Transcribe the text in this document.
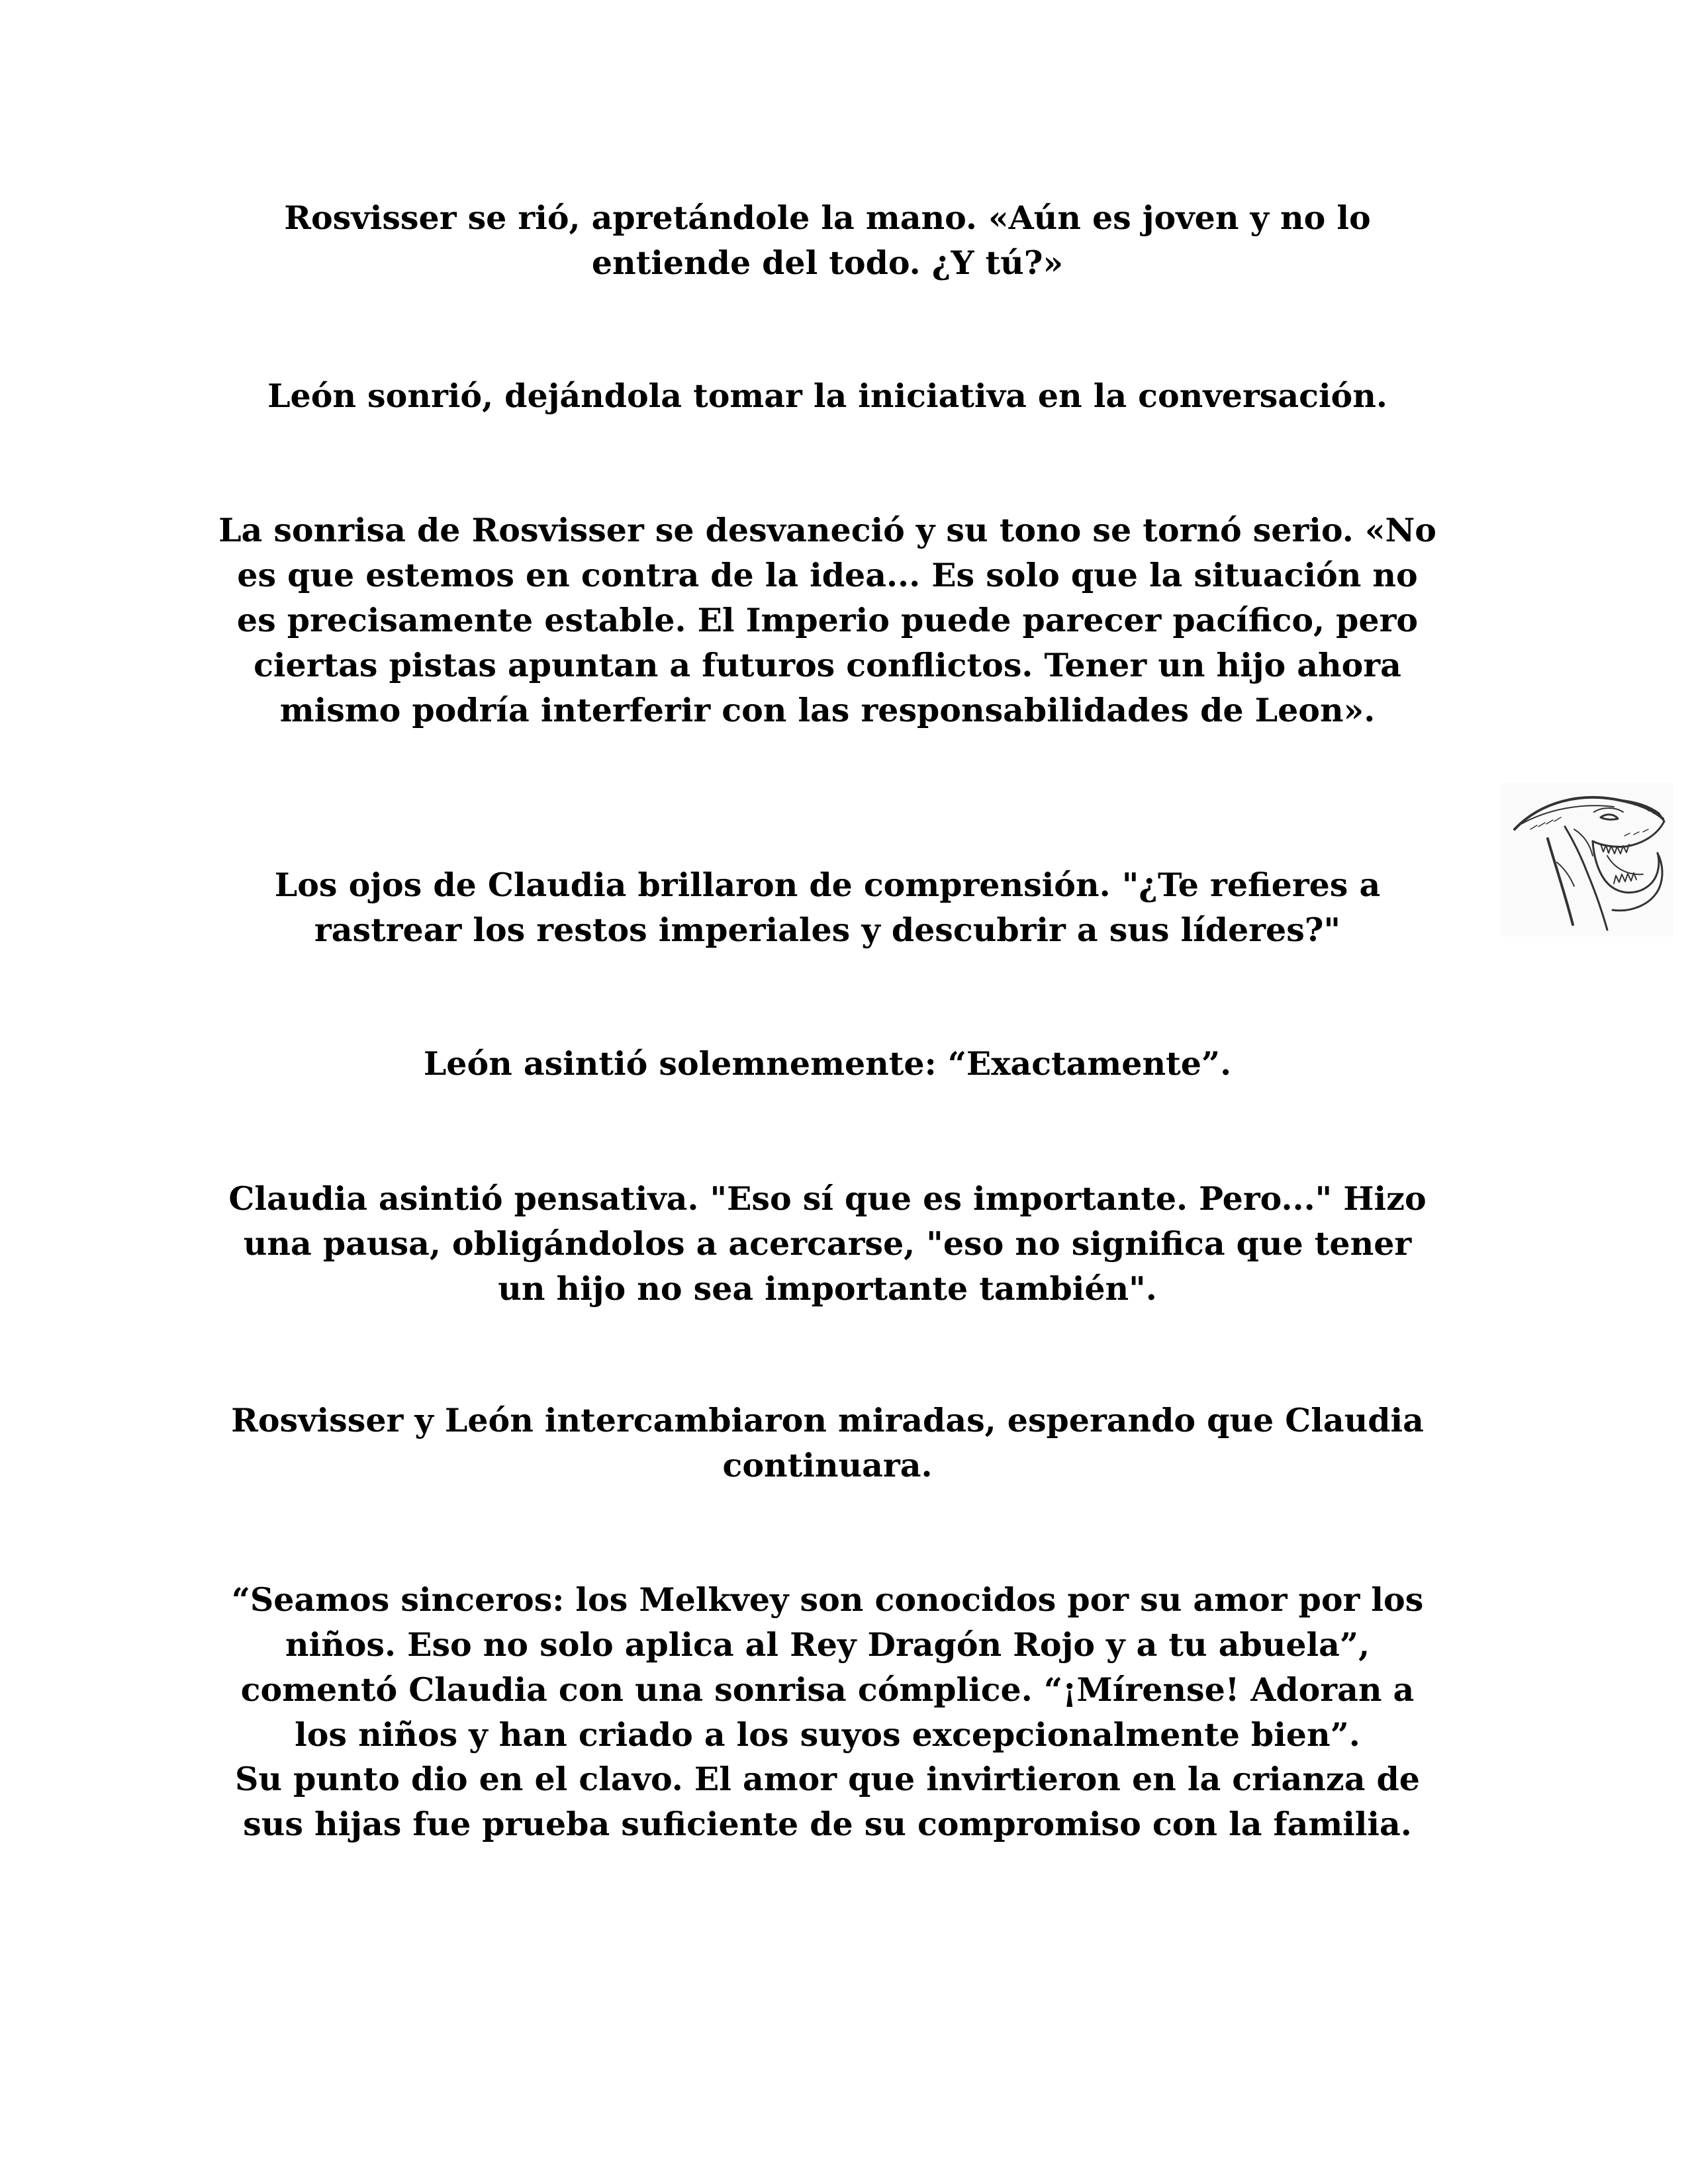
Rosvisser se rió, apretándole la mano. «Aún es joven y no lo entiende del todo. ¿Y tú?»

León sonrió, dejándola tomar la iniciativa en la conversación.

La sonrisa de Rosvisser se desvaneció y su tono se tornó serio. «No es que estemos en contra de la idea... Es solo que la situación no es precisamente estable. El Imperio puede parecer pacífico, pero ciertas pistas apuntan a futuros conflictos. Tener un hijo ahora mismo podría interferir con las responsabilidades de Leon».

Los ojos de Claudia brillaron de comprensión. "¿Te refieres a rastrear los restos imperiales y descubrir a sus líderes?"

León asintió solemnemente: “Exactamente”.

Claudia asintió pensativa. "Eso sí que es importante. Pero..." Hizo una pausa, obligándolos a acercarse, "eso no significa que tener un hijo no sea importante también".

Rosvisser y León intercambiaron miradas, esperando que Claudia continuara.

“Seamos sinceros: los Melkvey son conocidos por su amor por los niños. Eso no solo aplica al Rey Dragón Rojo y a tu abuela”, comentó Claudia con una sonrisa cómplice. “¡Mírense! Adoran a los niños y han criado a los suyos excepcionalmente bien”.

Su punto dio en el clavo. El amor que invirtieron en la crianza de sus hijas fue prueba suficiente de su compromiso con la familia.
